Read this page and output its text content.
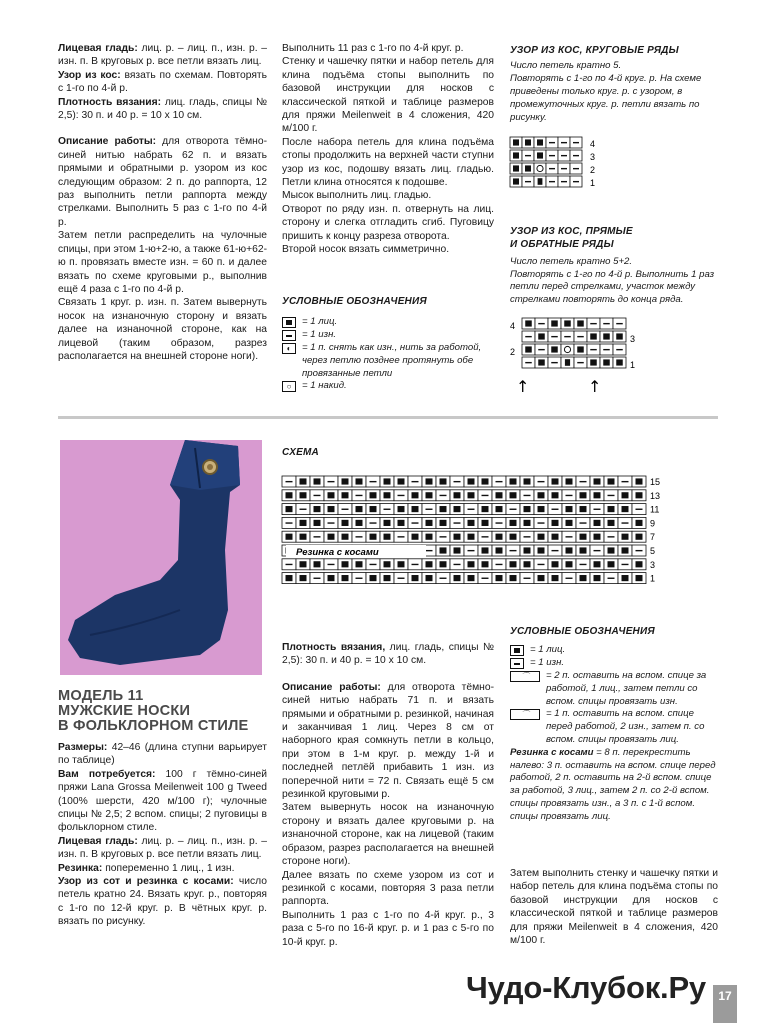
Лицевая гладь: лиц. р. – лиц. п., изн. р. – изн. п. В круговых р. все петли вязать лиц.

Узор из кос: вязать по схемам. Повторять с 1-го по 4-й р.

Плотность вязания: лиц. гладь, спицы № 2,5): 30 п. и 40 р. = 10 х 10 см.

Описание работы: для отворота тёмно-синей нитью набрать 62 п. и вязать прямыми и обратными р. узором из кос следующим образом: 2 п. до раппорта, 12 раз выполнить петли раппорта между стрелками. Выполнить 5 раз с 1-го по 4-й р.

Затем петли распределить на чулочные спицы, при этом 1-ю+2-ю, а также 61-ю+62-ю п. провязать вместе изн. = 60 п. и далее вязать по схеме круговыми р., выполнив ещё 4 раза с 1-го по 4-й р.

Связать 1 круг. р. изн. п. Затем вывернуть носок на изнаночную сторону и вязать далее на изнаночной стороне, как на лицевой (таким образом, разрез располагается на внешней стороне ноги).

Выполнить 11 раз с 1-го по 4-й круг. р.

Стенку и чашечку пятки и набор петель для клина подъёма стопы выполнить по базовой инструкции для носков с классической пяткой и таблице размеров для пряжи Meilenweit в 4 сложения, 420 м/100 г.

После набора петель для клина подъёма стопы продолжить на верхней части ступни узор из кос, подошву вязать лиц. гладью. Петли клина относятся к подошве.

Мысок выполнить лиц. гладью.

Отворот по ряду изн. п. отвернуть на лиц. сторону и слегка отгладить сгиб. Пуговицу пришить к концу разреза отворота.

Второй носок вязать симметрично.

УСЛОВНЫЕ ОБОЗНАЧЕНИЯ
= 1 лиц.
= 1 изн.
◐	= 1 п. снять как изн., нить за работой, через петлю позднее протянуть обе провязанные петли
○	= 1 накид.
УЗОР ИЗ КОС, КРУГОВЫЕ РЯДЫ
Число петель кратно 5.
Повторять с 1-го по 4-й круг. р. На схеме приведены только круг. р. с узором, в промежуточных круг. р. петли вязать по рисунку.
4
3
2
1
УЗОР ИЗ КОС, ПРЯМЫЕ
И ОБРАТНЫЕ РЯДЫ
Число петель кратно 5+2.
Повторять с 1-го по 4-й р. Выполнить 1 раз петли перед стрелками, участок между стрелками повторять до конца ряда.
4
2
3
1
↑	↑
МОДЕЛЬ 11
МУЖСКИЕ НОСКИ
В ФОЛЬКЛОРНОМ СТИЛЕ

Размеры: 42–46 (длина ступни варьирует по таблице)

Вам потребуется: 100 г тёмно-синей пряжи Lana Grossa Meilenweit 100 g Tweed (100% шерсти, 420 м/100 г); чулочные спицы № 2,5; 2 вспом. спицы; 2 пуговицы в фольклорном стиле.

Лицевая гладь: лиц. р. – лиц. п., изн. р. – изн. п. В круговых р. все петли вязать лиц.

Резинка: попеременно 1 лиц., 1 изн.

Узор из сот и резинка с косами: число петель кратно 24. Вязать круг. р., повторяя с 1-го по 12-й круг. р. В чётных круг. р. вязать по рисунку.

Плотность вязания, лиц. гладь, спицы № 2,5): 30 п. и 40 р. = 10 х 10 см.

Описание работы: для отворота тёмно-синей нитью набрать 71 п. и вязать прямыми и обратными р. резинкой, начиная и заканчивая 1 лиц. Через 8 см от наборного края сомкнуть петли в кольцо, при этом в 1-м круг. р. между 1-й и последней петлёй прибавить 1 изн. из поперечной нити = 72 п. Связать ещё 5 см резинкой круговыми р.

Затем вывернуть носок на изнаночную сторону и вязать далее круговыми р. на изнаночной стороне, как на лицевой (таким образом, разрез располагается на внешней стороне ноги).

Далее вязать по схеме узором из сот и резинкой с косами, повторяя 3 раза петли раппорта.

Выполнить 1 раз с 1-го по 4-й круг. р., 3 раза с 5-го по 16-й круг. р. и 1 раз с 5-го по 10-й круг. р.

СХЕМА
Резинка с косами
15
13
11
9
7
5
3
1
УСЛОВНЫЕ ОБОЗНАЧЕНИЯ
= 1 лиц.
= 1 изн.
⌒	= 2 п. оставить на вспом. спице за работой, 1 лиц., затем петли со вспом. спицы провязать изн.
⌒	= 1 п. оставить на вспом. спице перед работой, 2 изн., затем п. со вспом. спицы провязать лиц.
Резинка с косами = 8 п. перекрестить налево: 3 п. оставить на вспом. спице перед работой, 2 п. оставить на 2-й вспом. спице за работой, 3 лиц., затем 2 п. со 2-й вспом. спицы провязать изн., а 3 п. с 1-й вспом. спицы провязать лиц.

Затем выполнить стенку и чашечку пятки и набор петель для клина подъёма стопы по базовой инструкции для носков с классической пяткой и таблице размеров для пряжи Meilenweit в 4 сложения, 420 м/100 г.

Чудо-Клубок.Ру	17
